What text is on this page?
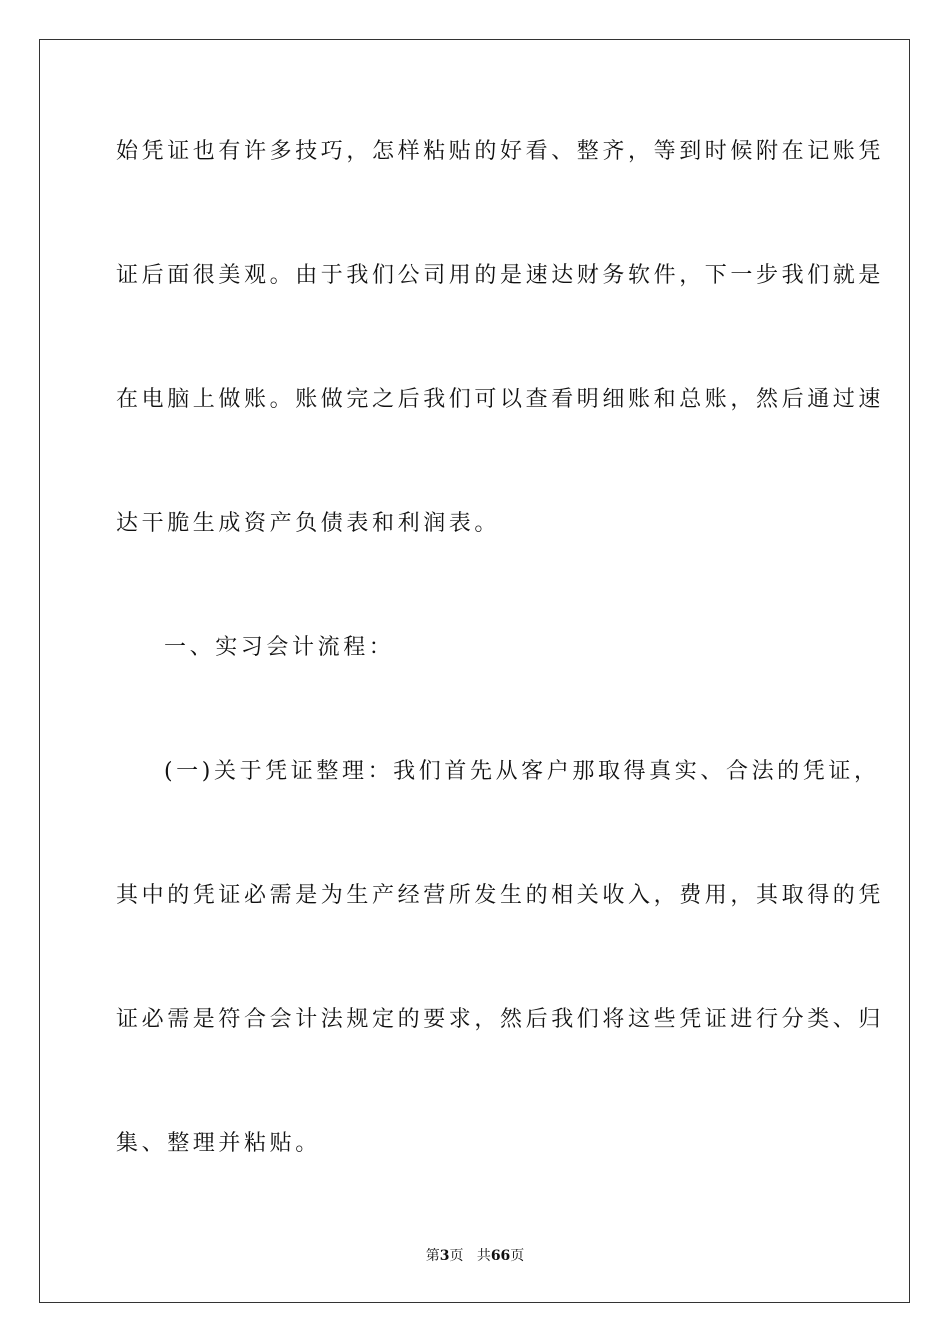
始凭证也有许多技巧，怎样粘贴的好看、整齐，等到时候附在记账凭

证后面很美观。由于我们公司用的是速达财务软件，下一步我们就是

在电脑上做账。账做完之后我们可以查看明细账和总账，然后通过速

达干脆生成资产负债表和利润表。

一、实习会计流程：

(一)关于凭证整理：我们首先从客户那取得真实、合法的凭证，

其中的凭证必需是为生产经营所发生的相关收入，费用，其取得的凭

证必需是符合会计法规定的要求，然后我们将这些凭证进行分类、归

集、整理并粘贴。

第3页 共66页
